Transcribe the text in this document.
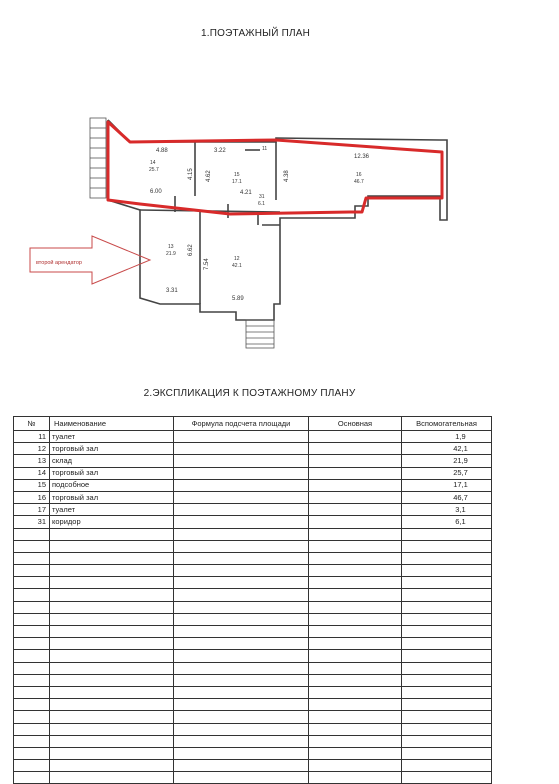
1.ПОЭТАЖНЫЙ ПЛАН
второй арендатор
4.88	3.22
12.36
4.15 4.62	4.38
6.00	4.21
6.62
7.54
3.31
5.89
14
25.7
15
17.1
16
46.7
11
31
6.1
13
21.9
12
42.1
2.ЭКСПЛИКАЦИЯ К ПОЭТАЖНОМУ ПЛАНУ
№	Наименование	Формула подсчета площади	Основная	Вспомогательная
11	туалет			1,9
12	торговый зал			42,1
13	склад			21,9
14	торговый зал			25,7
15	подсобное			17,1
16	торговый зал			46,7
17	туалет			3,1
31	коридор			6,1
